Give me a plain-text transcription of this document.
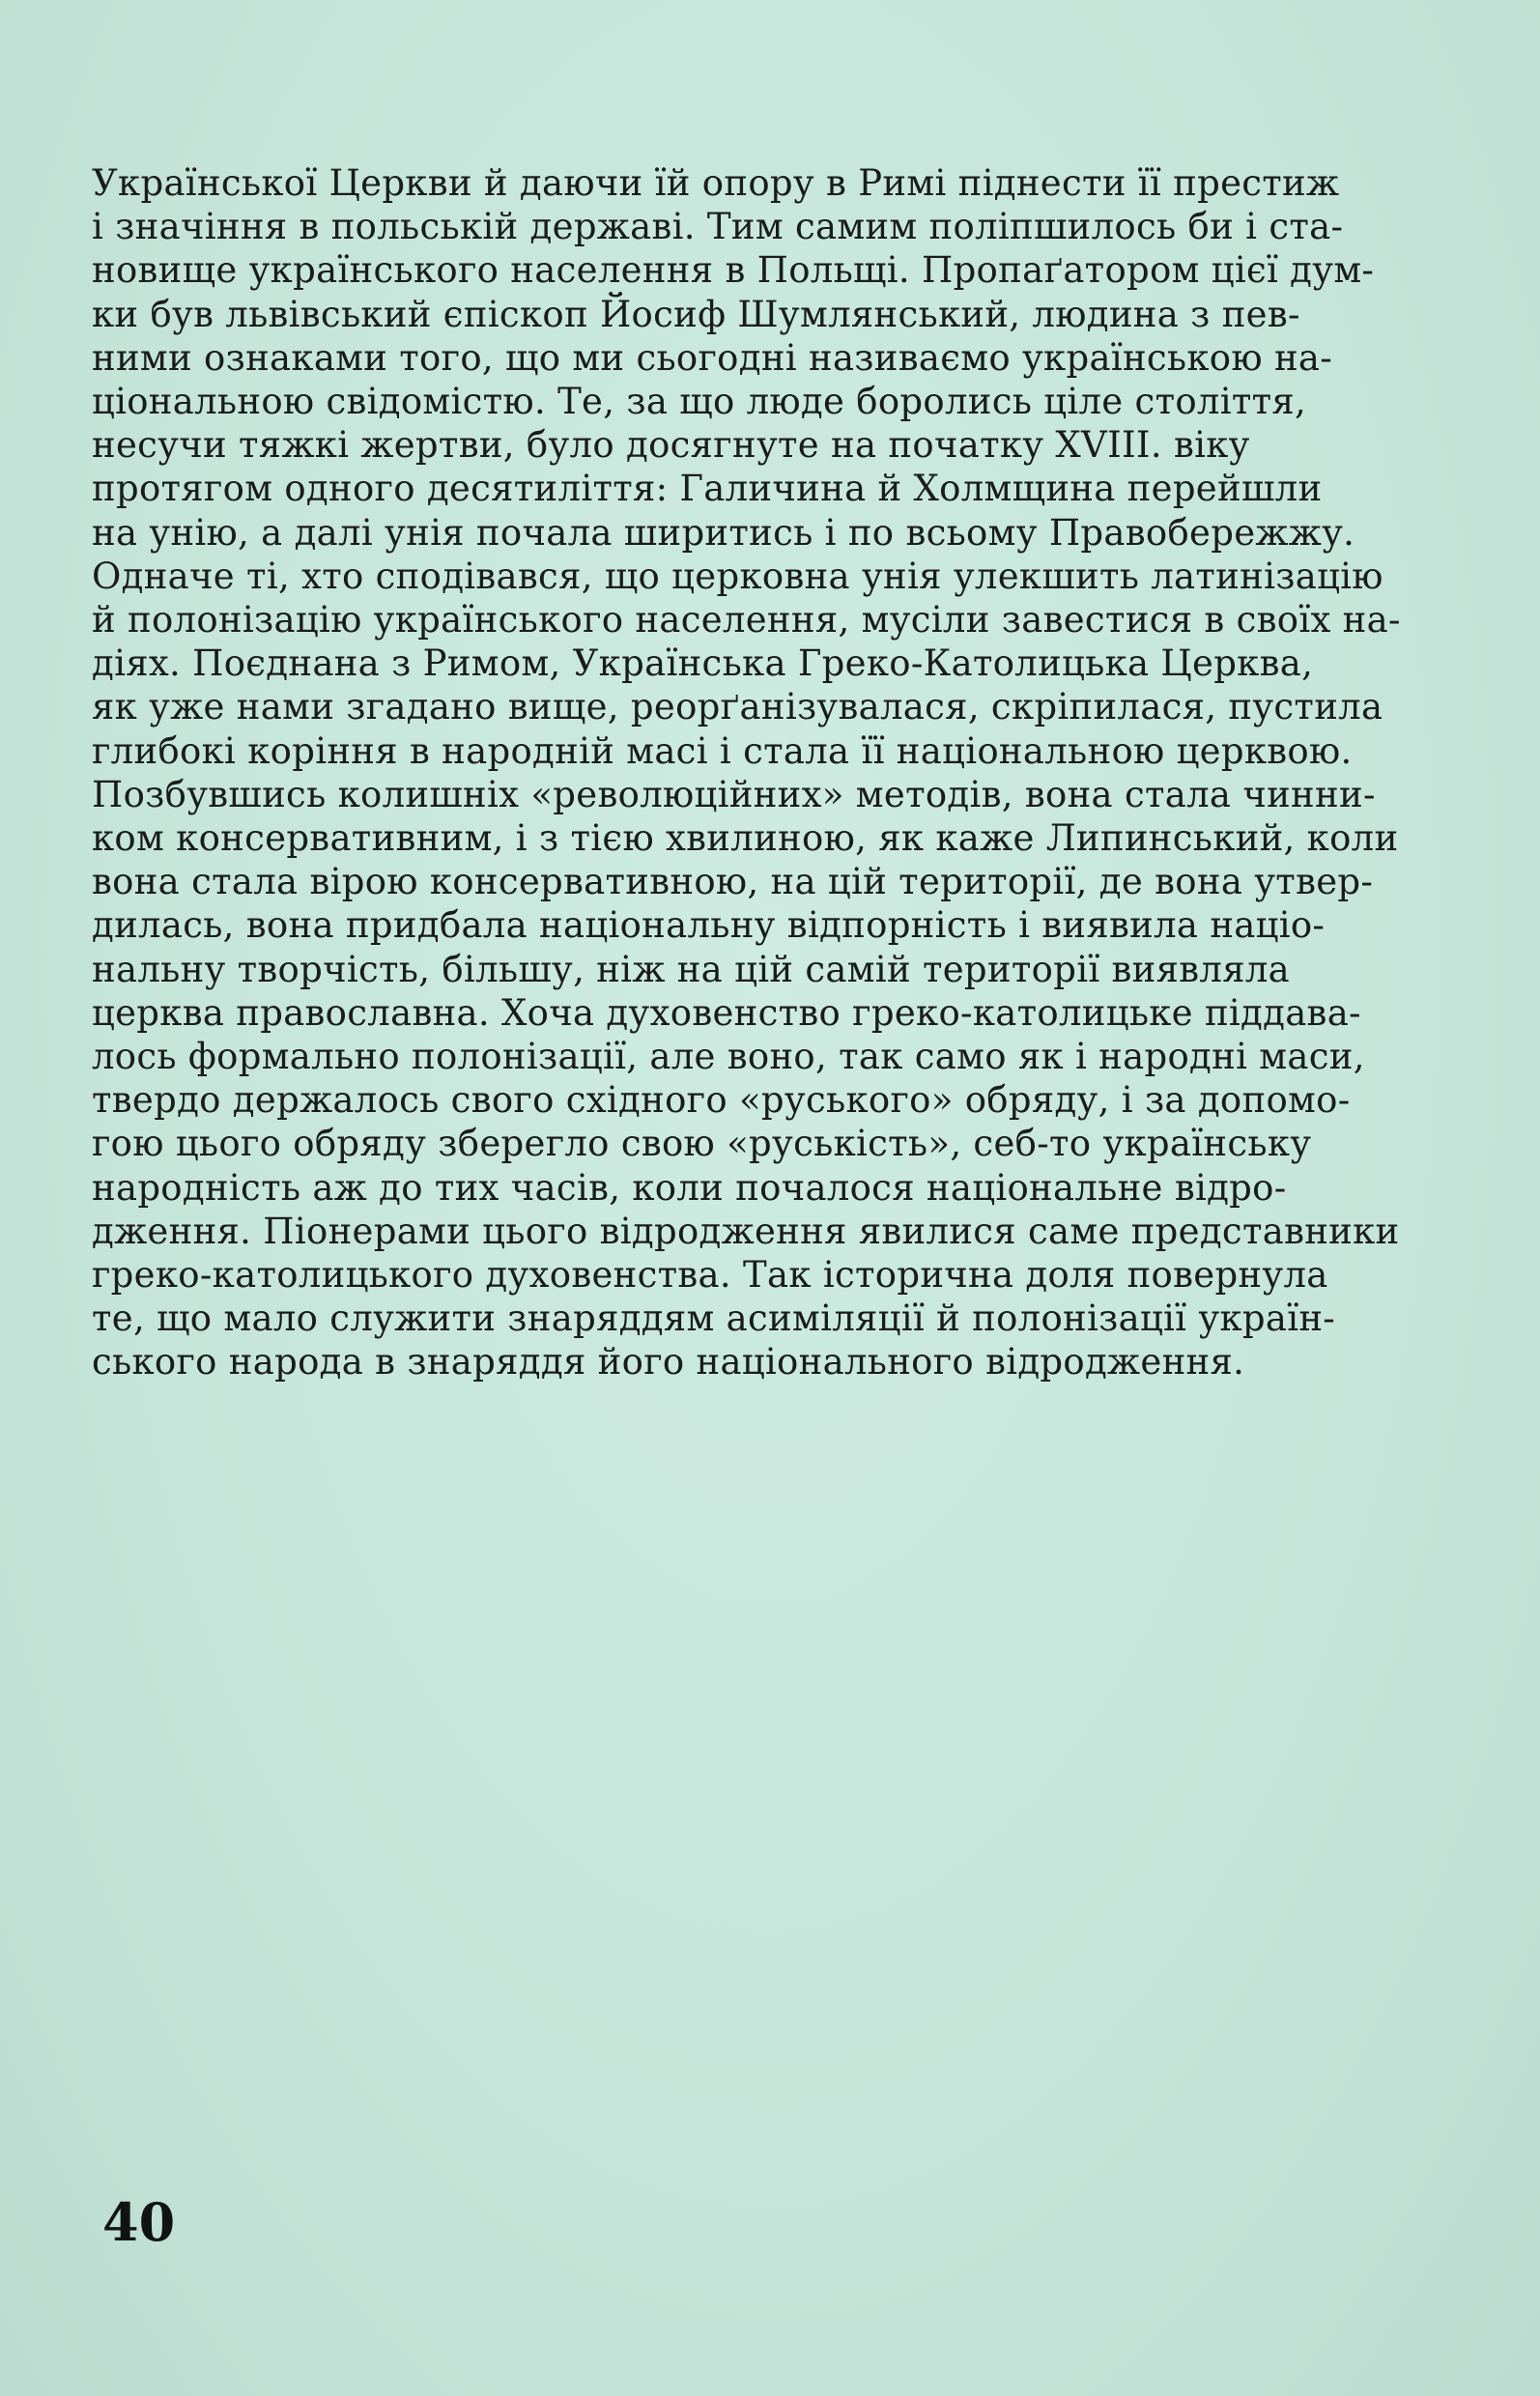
Української Церкви й даючи їй опору в Римі піднести її престиж
і значіння в польській державі. Тим самим поліпшилось би і ста-
новище українського населення в Польщі. Пропаґатором цієї дум-
ки був львівський єпіскоп Йосиф Шумлянський, людина з пев-
ними ознаками того, що ми сьогодні називаємо українською на-
ціональною свідомістю. Те, за що люде боролись ціле століття,
несучи тяжкі жертви, було досягнуте на початку XVIII. віку
протягом одного десятиліття: Галичина й Холмщина перейшли
на унію, а далі унія почала ширитись і по всьому Правобережжу.
Одначе ті, хто сподівався, що церковна унія улекшить латинізацію
й полонізацію українського населення, мусіли завестися в своїх на-
діях. Поєднана з Римом, Українська Греко-Католицька Церква,
як уже нами згадано вище, реорґанізувалася, скріпилася, пустила
глибокі коріння в народній масі і стала її національною церквою.
Позбувшись колишніх «революційних» методів, вона стала чинни-
ком консервативним, і з тією хвилиною, як каже Липинський, коли
вона стала вірою консервативною, на цій території, де вона утвер-
дилась, вона придбала національну відпорність і виявила націо-
нальну творчість, більшу, ніж на цій самій території виявляла
церква православна. Хоча духовенство греко-католицьке піддава-
лось формально полонізації, але воно, так само як і народні маси,
твердо держалось свого східного «руського» обряду, і за допомо-
гою цього обряду зберегло свою «руськість», себ-то українську
народність аж до тих часів, коли почалося національне відро-
дження. Піонерами цього відродження явилися саме представники
греко-католицького духовенства. Так історична доля повернула
те, що мало служити знаряддям асиміляції й полонізації україн-
ського народа в знаряддя його національного відродження.
40
